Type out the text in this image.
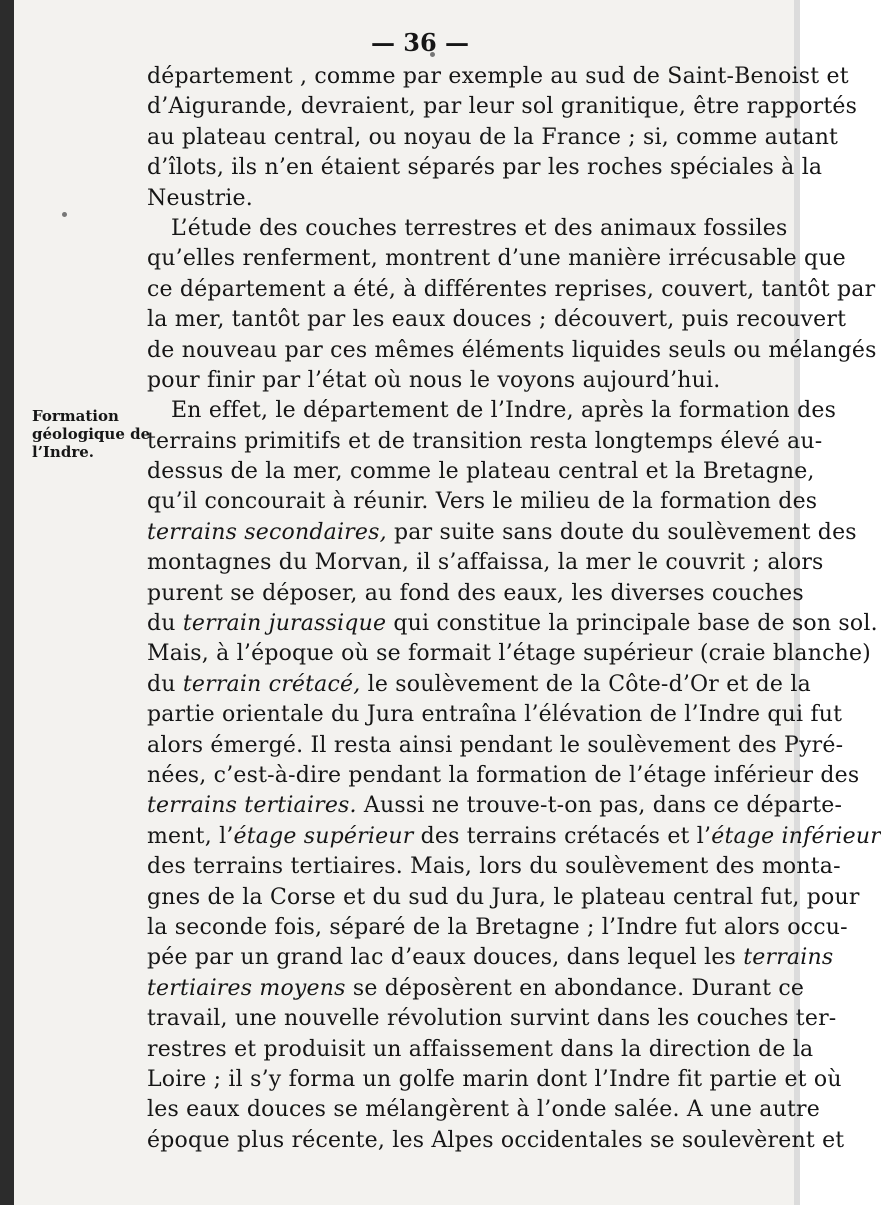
— 36 —
Formation
géologique de
l’Indre.
département , comme par exemple au sud de Saint-Benoist et
d’Aigurande, devraient, par leur sol granitique, être rapportés
au plateau central, ou noyau de la France ; si, comme autant
d’îlots, ils n’en étaient séparés par les roches spéciales à la
Neustrie.
L’étude des couches terrestres et des animaux fossiles
qu’elles renferment, montrent d’une manière irrécusable que
ce département a été, à différentes reprises, couvert, tantôt par
la mer, tantôt par les eaux douces ; découvert, puis recouvert
de nouveau par ces mêmes éléments liquides seuls ou mélangés
pour finir par l’état où nous le voyons aujourd’hui.
En effet, le département de l’Indre, après la formation des
terrains primitifs et de transition resta longtemps élevé au-
dessus de la mer, comme le plateau central et la Bretagne,
qu’il concourait à réunir. Vers le milieu de la formation des
terrains secondaires, par suite sans doute du soulèvement des
montagnes du Morvan, il s’affaissa, la mer le couvrit ; alors
purent se déposer, au fond des eaux, les diverses couches
du terrain jurassique qui constitue la principale base de son sol.
Mais, à l’époque où se formait l’étage supérieur (craie blanche)
du terrain crétacé, le soulèvement de la Côte-d’Or et de la
partie orientale du Jura entraîna l’élévation de l’Indre qui fut
alors émergé. Il resta ainsi pendant le soulèvement des Pyré-
nées, c’est-à-dire pendant la formation de l’étage inférieur des
terrains tertiaires. Aussi ne trouve-t-on pas, dans ce départe-
ment, l’étage supérieur des terrains crétacés et l’étage inférieur
des terrains tertiaires. Mais, lors du soulèvement des monta-
gnes de la Corse et du sud du Jura, le plateau central fut, pour
la seconde fois, séparé de la Bretagne ; l’Indre fut alors occu-
pée par un grand lac d’eaux douces, dans lequel les terrains
tertiaires moyens se déposèrent en abondance. Durant ce
travail, une nouvelle révolution survint dans les couches ter-
restres et produisit un affaissement dans la direction de la
Loire ; il s’y forma un golfe marin dont l’Indre fit partie et où
les eaux douces se mélangèrent à l’onde salée. A une autre
époque plus récente, les Alpes occidentales se soulevèrent et
